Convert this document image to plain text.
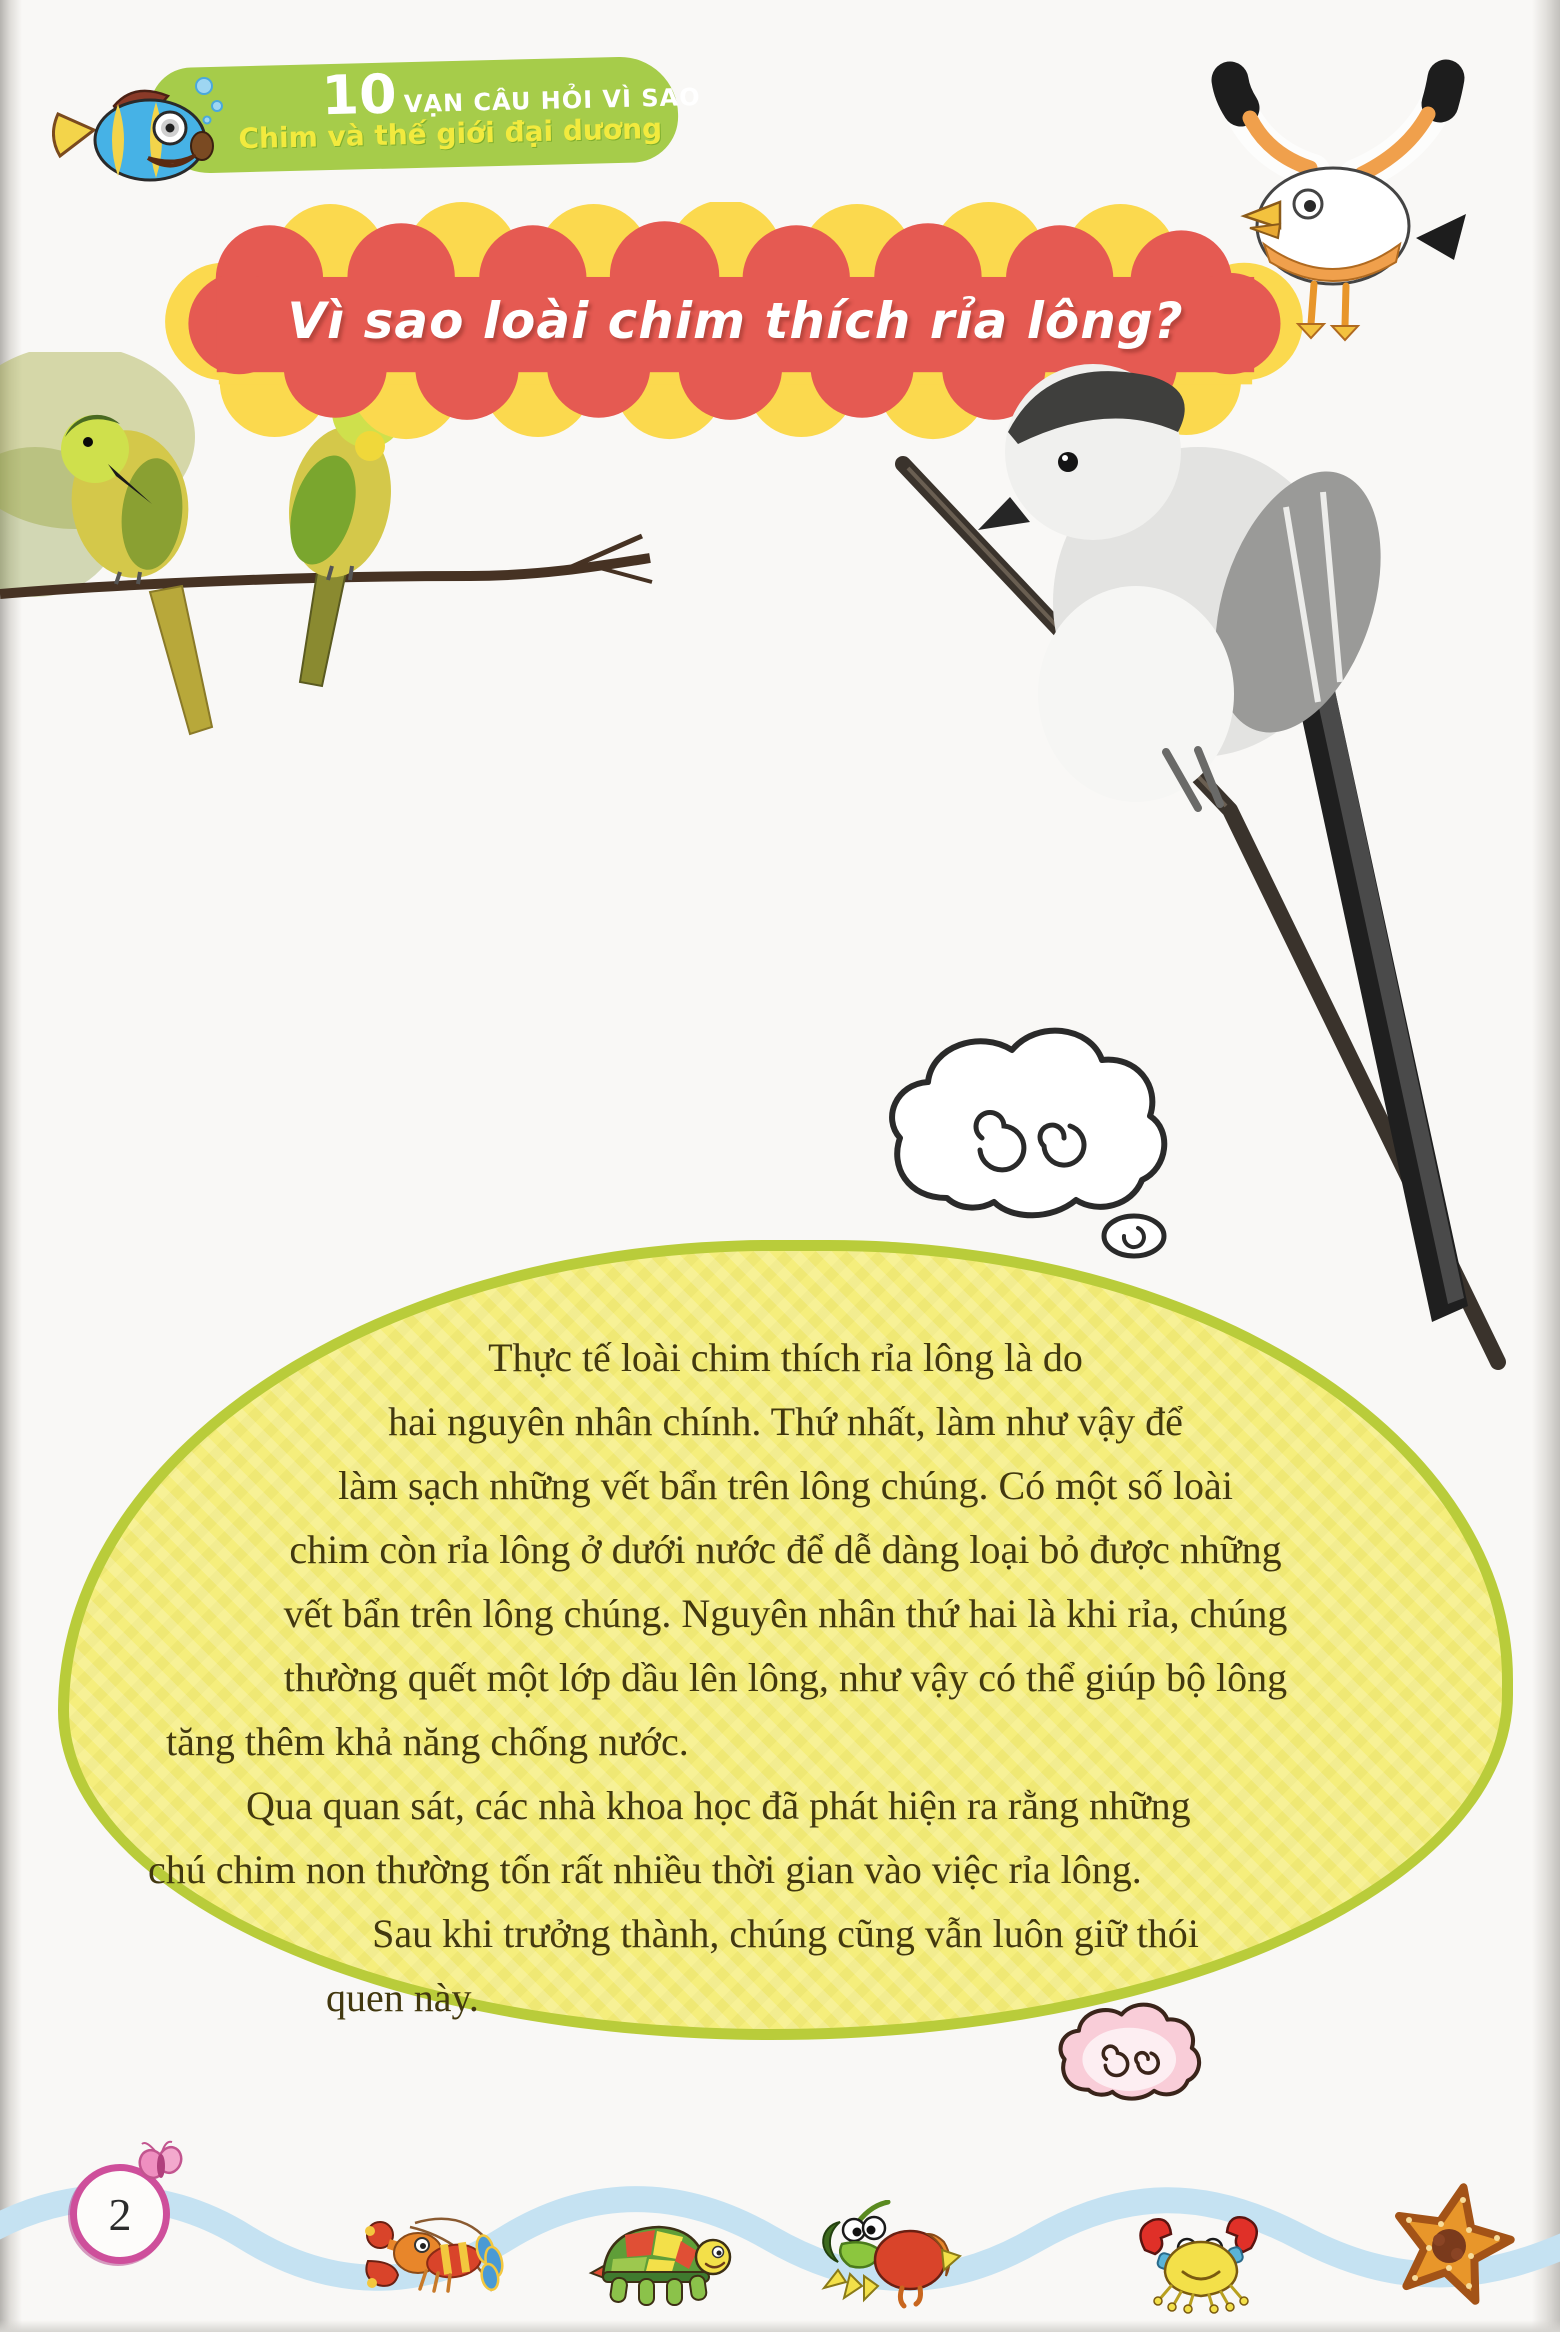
10 VẠN CÂU HỎI VÌ SAO
Chim và thế giới đại dương
Vì sao loài chim thích rỉa lông?
Thực tế loài chim thích rỉa lông là do
hai nguyên nhân chính. Thứ nhất, làm như vậy để
làm sạch những vết bẩn trên lông chúng. Có một số loài
chim còn rỉa lông ở dưới nước để dễ dàng loại bỏ được những
vết bẩn trên lông chúng. Nguyên nhân thứ hai là khi rỉa, chúng
thường quết một lớp dầu lên lông, như vậy có thể giúp bộ lông
tăng thêm khả năng chống nước.
Qua quan sát, các nhà khoa học đã phát hiện ra rằng những
chú chim non thường tốn rất nhiều thời gian vào việc rỉa lông.
Sau khi trưởng thành, chúng cũng vẫn luôn giữ thói
quen này.
2
